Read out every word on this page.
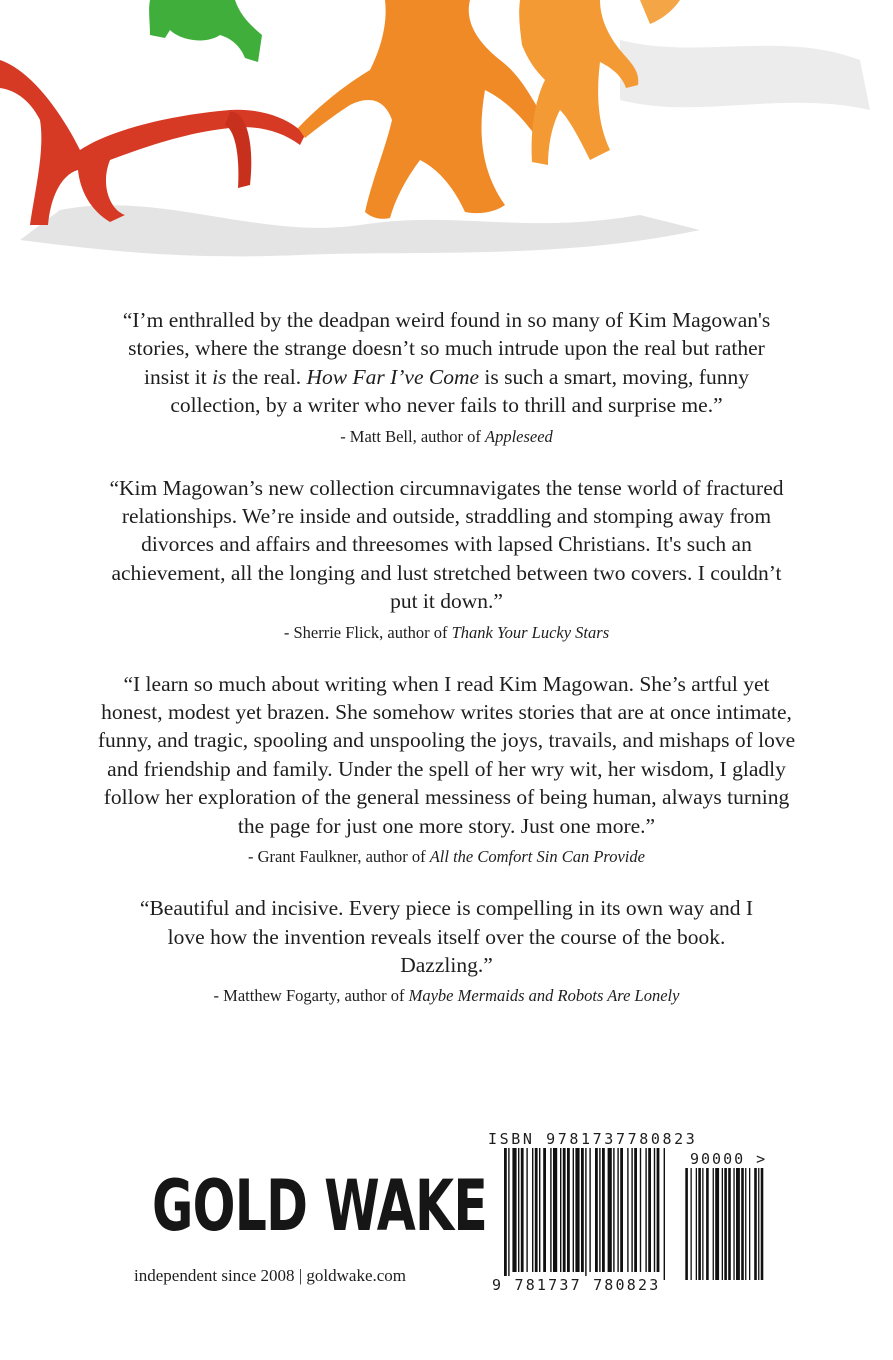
“I’m enthralled by the deadpan weird found in so many of Kim Magowan's stories, where the strange doesn’t so much intrude upon the real but rather insist it is the real. How Far I’ve Come is such a smart, moving, funny collection, by a writer who never fails to thrill and surprise me.”
- Matt Bell, author of Appleseed
“Kim Magowan’s new collection circumnavigates the tense world of fractured relationships. We’re inside and outside, straddling and stomping away from divorces and affairs and threesomes with lapsed Christians. It's such an achievement, all the longing and lust stretched between two covers. I couldn’t put it down.”
- Sherrie Flick, author of Thank Your Lucky Stars
“I learn so much about writing when I read Kim Magowan. She’s artful yet honest, modest yet brazen. She somehow writes stories that are at once intimate, funny, and tragic, spooling and unspooling the joys, travails, and mishaps of love and friendship and family. Under the spell of her wry wit, her wisdom, I gladly follow her exploration of the general messiness of being human, always turning the page for just one more story. Just one more.”
- Grant Faulkner, author of All the Comfort Sin Can Provide
“Beautiful and incisive. Every piece is compelling in its own way and I love how the invention reveals itself over the course of the book. Dazzling.”
- Matthew Fogarty, author of Maybe Mermaids and Robots Are Lonely
GOLD WAKE
independent since 2008 | goldwake.com
ISBN 9781737780823
90000 >
9 781737 780823
